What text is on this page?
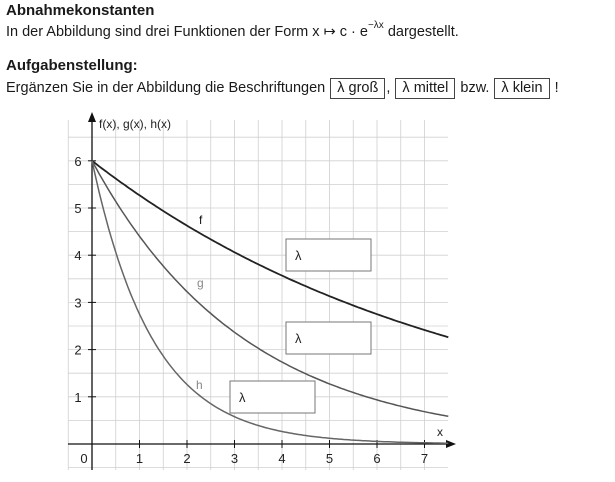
Abnahmekonstanten
In der Abbildung sind drei Funktionen der Form x ↦ $c \cdot e^{-\lambda x}$ dargestellt.
Aufgabenstellung:
Ergänzen Sie in der Abbildung die Beschriftungen λ groß , λ mittel bzw. λ klein !
1	2	3	4	5	6	7
1
2
3
4
5
6
0
f(x), g(x), h(x)
x
f
g
h
λ
λ
λ
